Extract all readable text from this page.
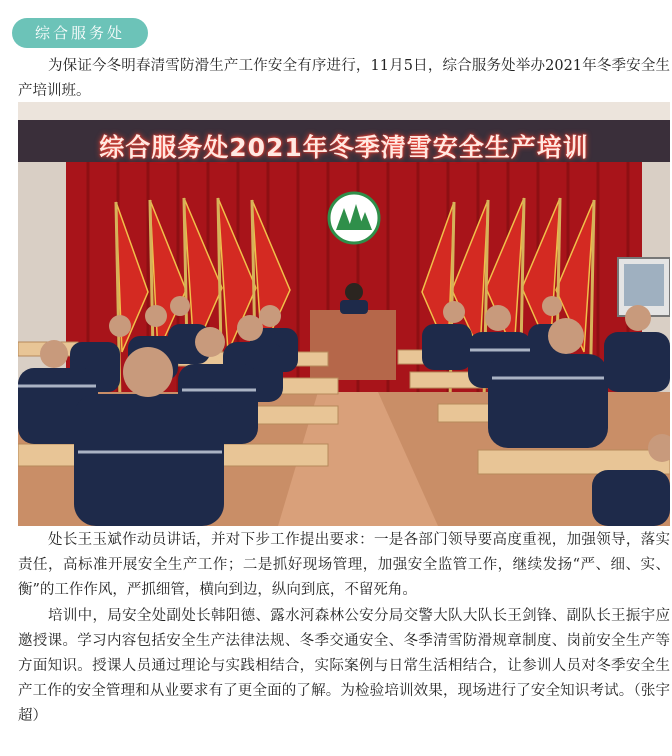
综合服务处

为保证今冬明春清雪防滑生产工作安全有序进行，11月5日，综合服务处举办2021年冬季安全生产培训班。

综合服务处2021年冬季清雪安全生产培训

处长王玉斌作动员讲话，并对下步工作提出要求：一是各部门领导要高度重视，加强领导，落实责任，高标准开展安全生产工作；二是抓好现场管理，加强安全监管工作，继续发扬“严、细、实、衡”的工作作风，严抓细管，横向到边，纵向到底，不留死角。

培训中，局安全处副处长韩阳德、露水河森林公安分局交警大队大队长王剑锋、副队长王振宇应邀授课。学习内容包括安全生产法律法规、冬季交通安全、冬季清雪防滑规章制度、岗前安全生产等方面知识。授课人员通过理论与实践相结合，实际案例与日常生活相结合，让参训人员对冬季安全生产工作的安全管理和从业要求有了更全面的了解。为检验培训效果，现场进行了安全知识考试。（张宇超）
